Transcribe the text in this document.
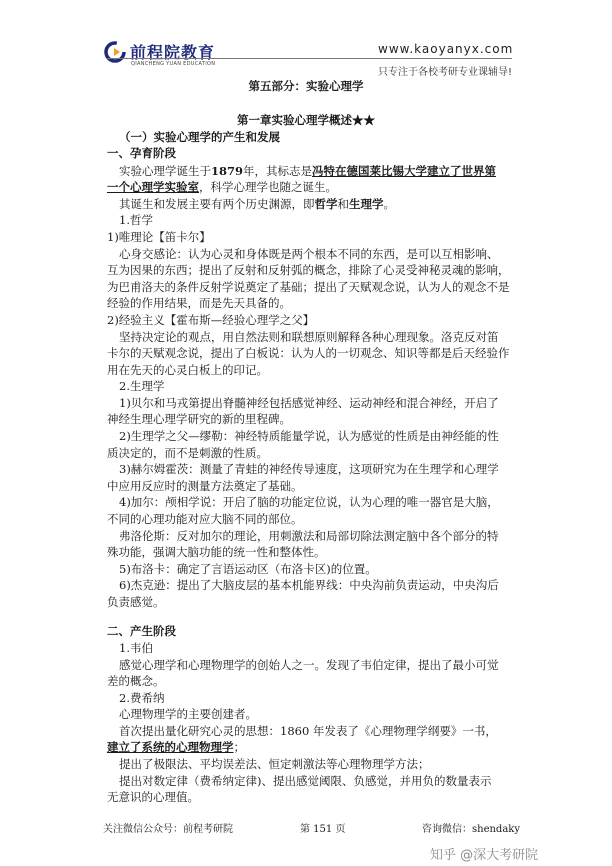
前程院教育
QIANCHENG YUAN EDUCATION
www.kaoyanyx.com
只专注于各校考研专业课辅导!
第五部分：实验心理学
第一章实验心理学概述★★
（一）实验心理学的产生和发展
一、孕育阶段
实验心理学诞生于1879年，其标志是冯特在德国莱比锡大学建立了世界第
一个心理学实验室，科学心理学也随之诞生。
其诞生和发展主要有两个历史渊源，即哲学和生理学。
1.哲学
1)唯理论【笛卡尔】
心身交感论：认为心灵和身体既是两个根本不同的东西，是可以互相影响、
互为因果的东西；提出了反射和反射弧的概念，排除了心灵受神秘灵魂的影响，
为巴甫洛夫的条件反射学说奠定了基础；提出了天赋观念说，认为人的观念不是
经验的作用结果，而是先天具备的。
2)经验主义【霍布斯—经验心理学之父】
坚持决定论的观点，用自然法则和联想原则解释各种心理现象。洛克反对笛
卡尔的天赋观念说，提出了白板说：认为人的一切观念、知识等都是后天经验作
用在先天的心灵白板上的印记。
2.生理学
1)贝尔和马戎第提出脊髓神经包括感觉神经、运动神经和混合神经，开启了
神经生理心理学研究的新的里程碑。
2)生理学之父—缪勒：神经特质能量学说，认为感觉的性质是由神经能的性
质决定的，而不是刺激的性质。
3)赫尔姆霍茨：测量了青蛙的神经传导速度，这项研究为在生理学和心理学
中应用反应时的测量方法奠定了基础。
4)加尔：颅相学说：开启了脑的功能定位说，认为心理的唯一器官是大脑，
不同的心理功能对应大脑不同的部位。
弗洛伦斯：反对加尔的理论，用刺激法和局部切除法测定脑中各个部分的特
殊功能，强调大脑功能的统一性和整体性。
5)布洛卡：确定了言语运动区（布洛卡区)的位置。
6)杰克逊：提出了大脑皮层的基本机能界线：中央沟前负责运动，中央沟后
负责感觉。
二、产生阶段
1.韦伯
感觉心理学和心理物理学的创始人之一。发现了韦伯定律，提出了最小可觉
差的概念。
2.费希纳
心理物理学的主要创建者。
首次提出量化研究心灵的思想：1860 年发表了《心理物理学纲要》一书，
建立了系统的心理物理学；
提出了极限法、平均误差法、恒定刺激法等心理物理学方法；
提出对数定律（费希纳定律)、提出感觉阈限、负感觉，并用负的数量表示
无意识的心理值。
关注微信公众号：前程考研院	第 151 页	咨询微信：shendaky
知乎 @深大考研院
